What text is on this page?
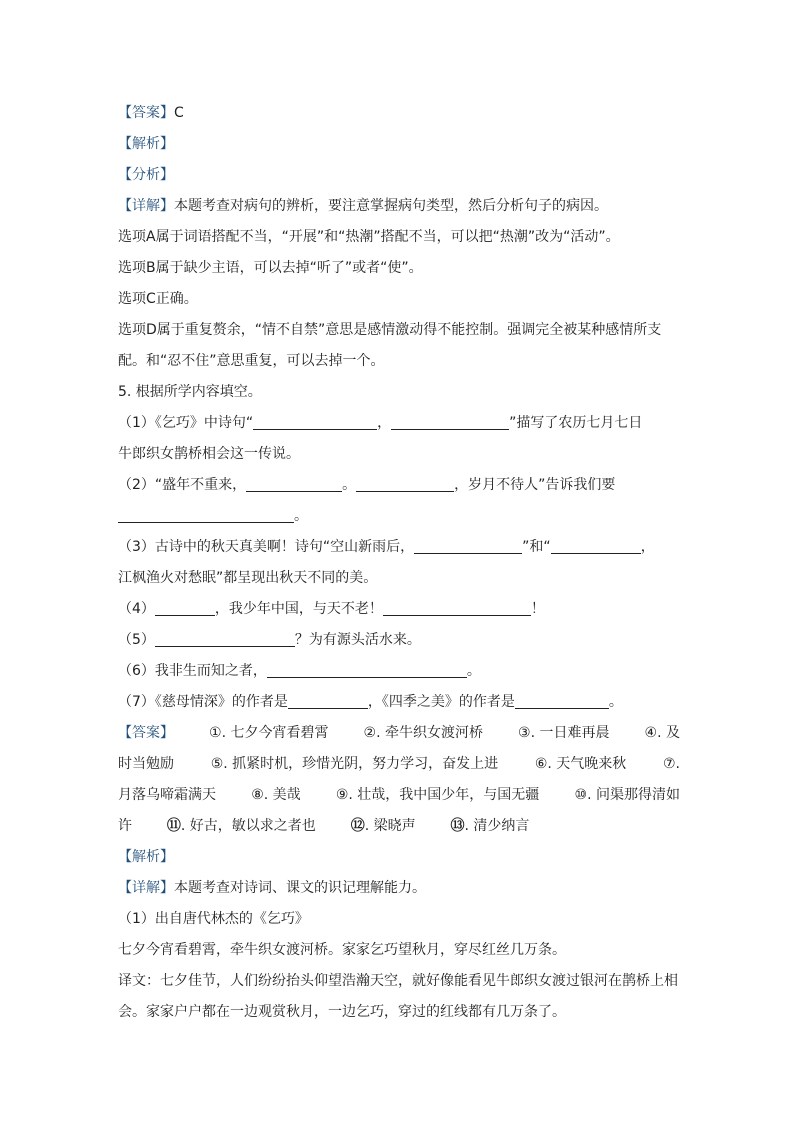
【答案】C
【解析】
【分析】
【详解】本题考查对病句的辨析，要注意掌握病句类型，然后分析句子的病因。
选项A属于词语搭配不当，“开展”和“热潮”搭配不当，可以把“热潮”改为“活动”。
选项B属于缺少主语，可以去掉“听了”或者“使”。
选项C正确。
选项D属于重复赘余，“情不自禁”意思是感情激动得不能控制。强调完全被某种感情所支
配。和“忍不住”意思重复，可以去掉一个。
5. 根据所学内容填空。
（1）《乞巧》中诗句“	，	”描写了农历七月七日
牛郎织女鹊桥相会这一传说。
（2）“盛年不重来，	。	，岁月不待人”告诉我们要
。
（3）古诗中的秋天真美啊！诗句“空山新雨后，	”和“	，
江枫渔火对愁眠”都呈现出秋天不同的美。
（4）	，我少年中国，与天不老！	！
（5）	？为有源头活水来。
（6）我非生而知之者，	。
（7）《慈母情深》的作者是	，《四季之美》的作者是	。
【答案】	①. 七夕今宵看碧霄	②. 牵牛织女渡河桥	③. 一日难再晨	④. 及
时当勉励	⑤. 抓紧时机，珍惜光阴，努力学习，奋发上进	⑥. 天气晚来秋	⑦.
月落乌啼霜满天	⑧. 美哉	⑨. 壮哉，我中国少年，与国无疆	⑩. 问渠那得清如
许 ⑪. 好古，敏以求之者也 ⑫. 梁晓声 ⑬. 清少纳言
【解析】
【详解】本题考查对诗词、课文的识记理解能力。
（1）出自唐代林杰的《乞巧》
七夕今宵看碧霄，牵牛织女渡河桥。家家乞巧望秋月，穿尽红丝几万条。
译文：七夕佳节，人们纷纷抬头仰望浩瀚天空，就好像能看见牛郎织女渡过银河在鹊桥上相
会。家家户户都在一边观赏秋月，一边乞巧，穿过的红线都有几万条了。
